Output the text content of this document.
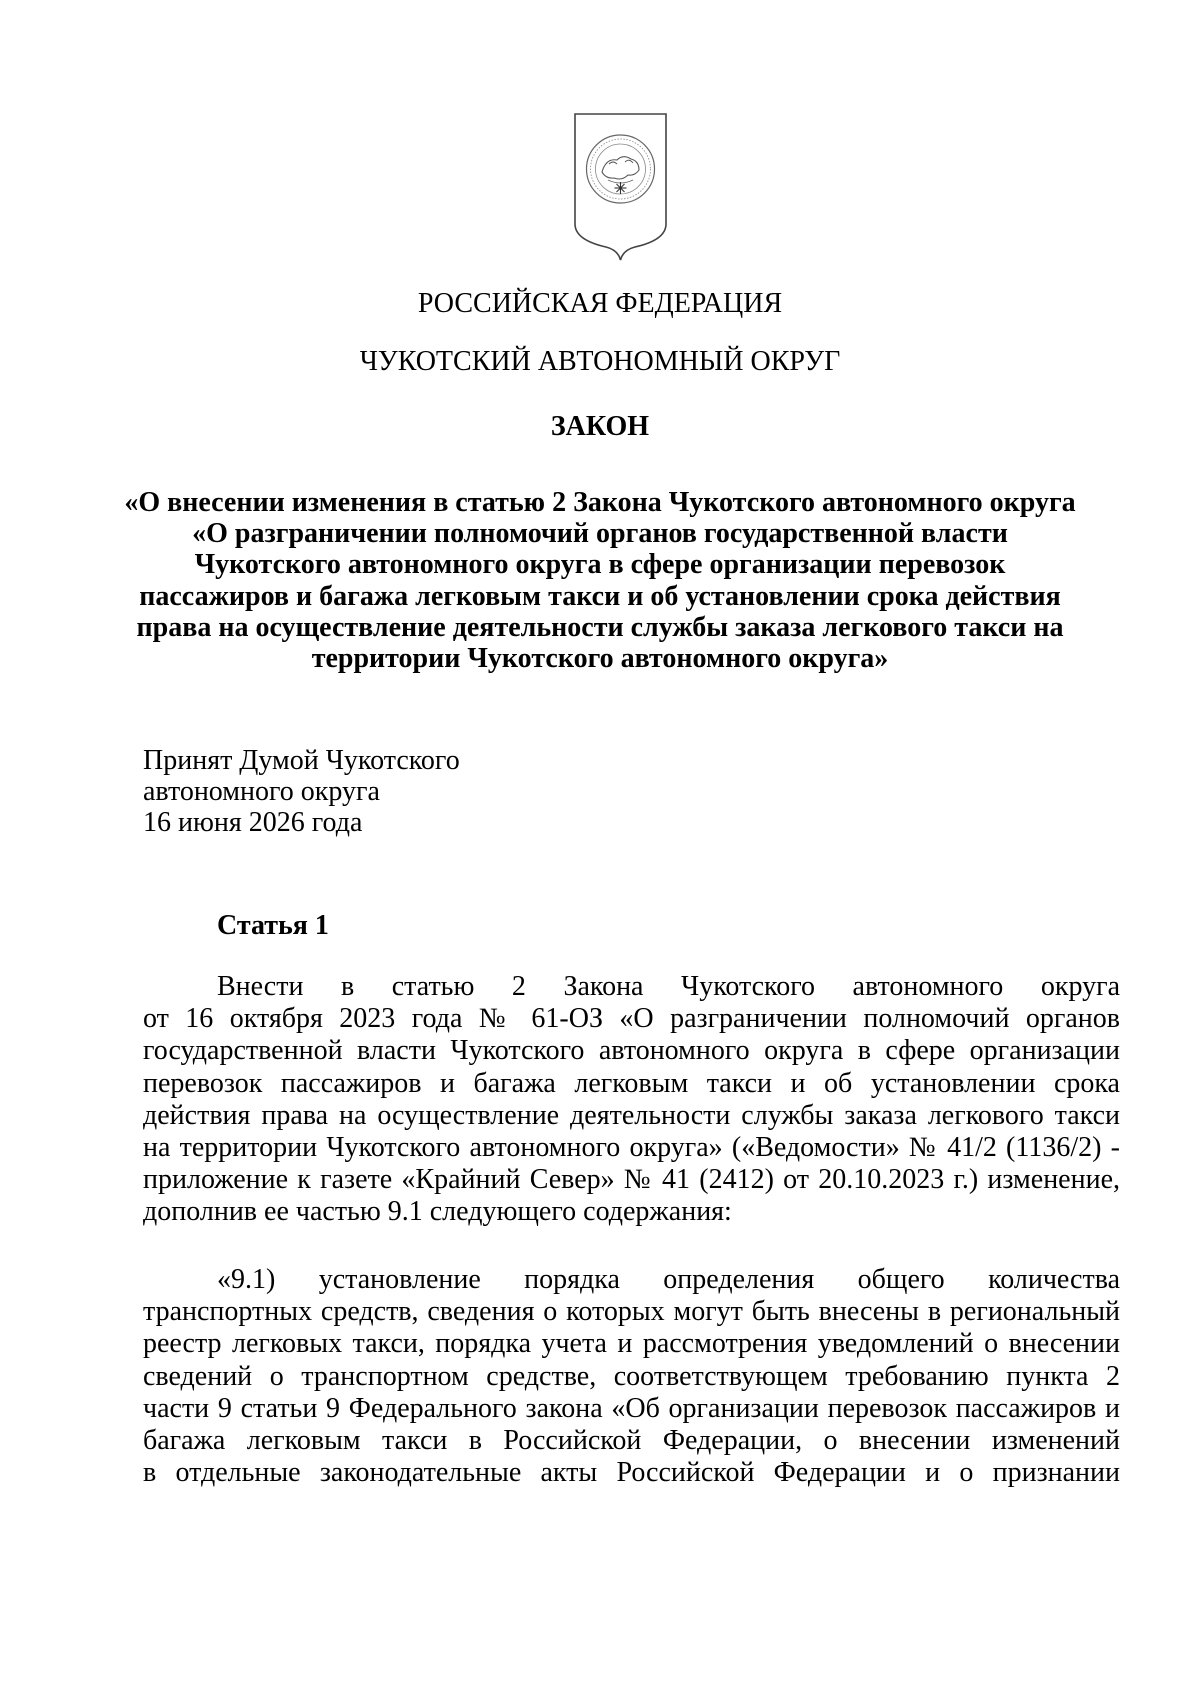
РОССИЙСКАЯ ФЕДЕРАЦИЯ
ЧУКОТСКИЙ АВТОНОМНЫЙ ОКРУГ
ЗАКОН
«О внесении изменения в статью 2 Закона Чукотского автономного округа
«О разграничении полномочий органов государственной власти
Чукотского автономного округа в сфере организации перевозок
пассажиров и багажа легковым такси и об установлении срока действия
права на осуществление деятельности службы заказа легкового такси на
территории Чукотского автономного округа»
Принят Думой Чукотского
автономного округа
16 июня 2026 года
Статья 1
Внести в статью 2 Закона Чукотского автономного округа
от 16 октября 2023 года № 61-ОЗ «О разграничении полномочий органов
государственной власти Чукотского автономного округа в сфере организации
перевозок пассажиров и багажа легковым такси и об установлении срока
действия права на осуществление деятельности службы заказа легкового такси
на территории Чукотского автономного округа» («Ведомости» № 41/2 (1136/2) -
приложение к газете «Крайний Север» № 41 (2412) от 20.10.2023 г.) изменение,
дополнив ее частью 9.1 следующего содержания:
«9.1) установление порядка определения общего количества
транспортных средств, сведения о которых могут быть внесены в региональный
реестр легковых такси, порядка учета и рассмотрения уведомлений о внесении
сведений о транспортном средстве, соответствующем требованию пункта 2
части 9 статьи 9 Федерального закона «Об организации перевозок пассажиров и
багажа легковым такси в Российской Федерации, о внесении изменений
в отдельные законодательные акты Российской Федерации и о признании
